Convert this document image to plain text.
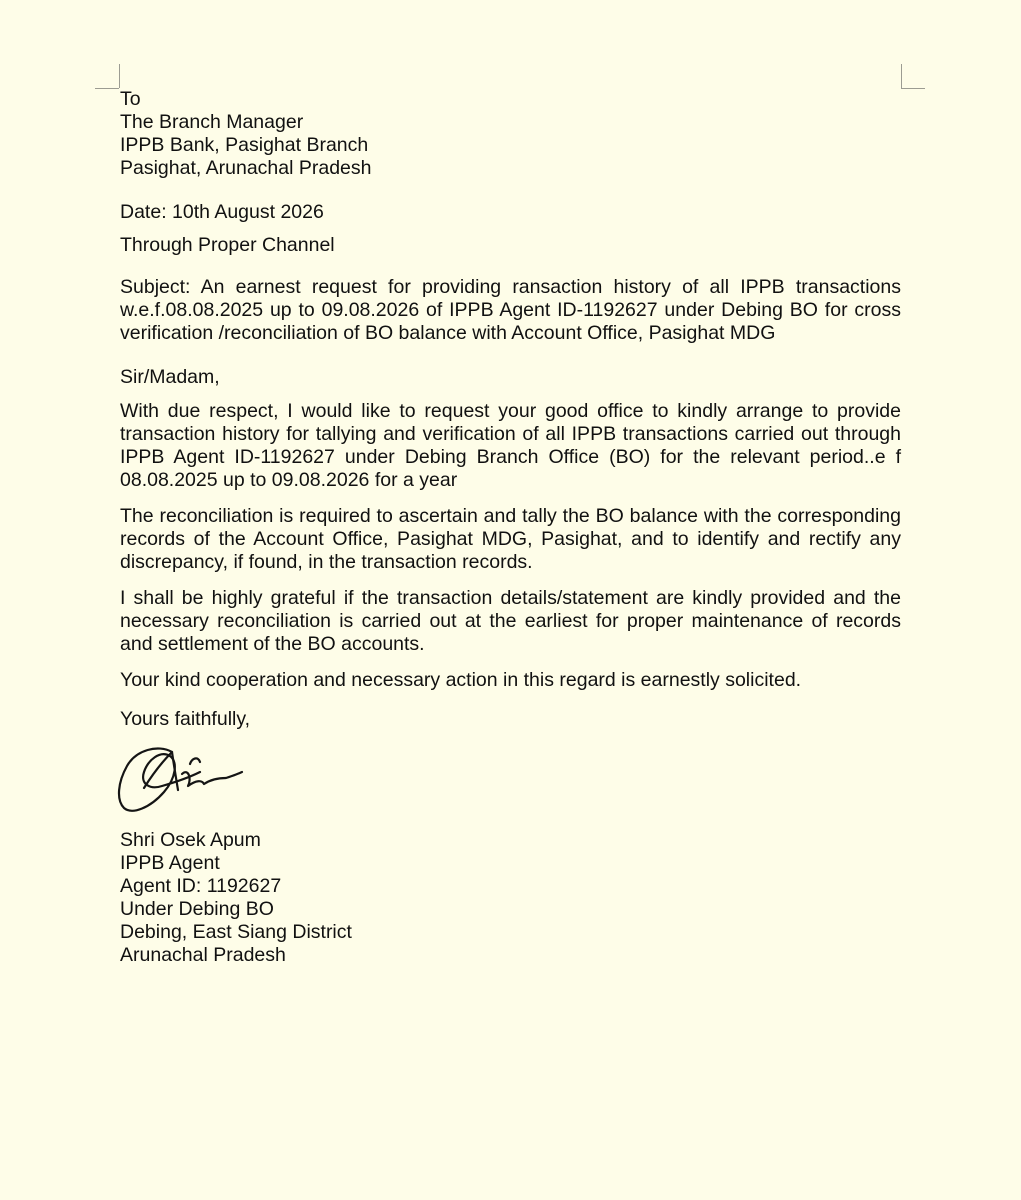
To
The Branch Manager
IPPB Bank, Pasighat Branch
Pasighat, Arunachal Pradesh
Date: 10th August 2026
Through Proper Channel
Subject: An earnest request for providing ransaction history of all IPPB transactions w.e.f.08.08.2025 up to 09.08.2026 of IPPB Agent ID-1192627 under Debing BO for cross verification /reconciliation of BO balance with Account Office, Pasighat MDG
Sir/Madam,
With due respect, I would like to request your good office to kindly arrange to provide transaction history for tallying and verification of all IPPB transactions carried out through IPPB Agent ID-1192627 under Debing Branch Office (BO) for the relevant period..e f 08.08.2025 up to 09.08.2026 for a year
The reconciliation is required to ascertain and tally the BO balance with the corresponding records of the Account Office, Pasighat MDG, Pasighat, and to identify and rectify any discrepancy, if found, in the transaction records.
I shall be highly grateful if the transaction details/statement are kindly provided and the necessary reconciliation is carried out at the earliest for proper maintenance of records and settlement of the BO accounts.
Your kind cooperation and necessary action in this regard is earnestly solicited.
Yours faithfully,
Shri Osek Apum
IPPB Agent
Agent ID: 1192627
Under Debing BO
Debing, East Siang District
Arunachal Pradesh
